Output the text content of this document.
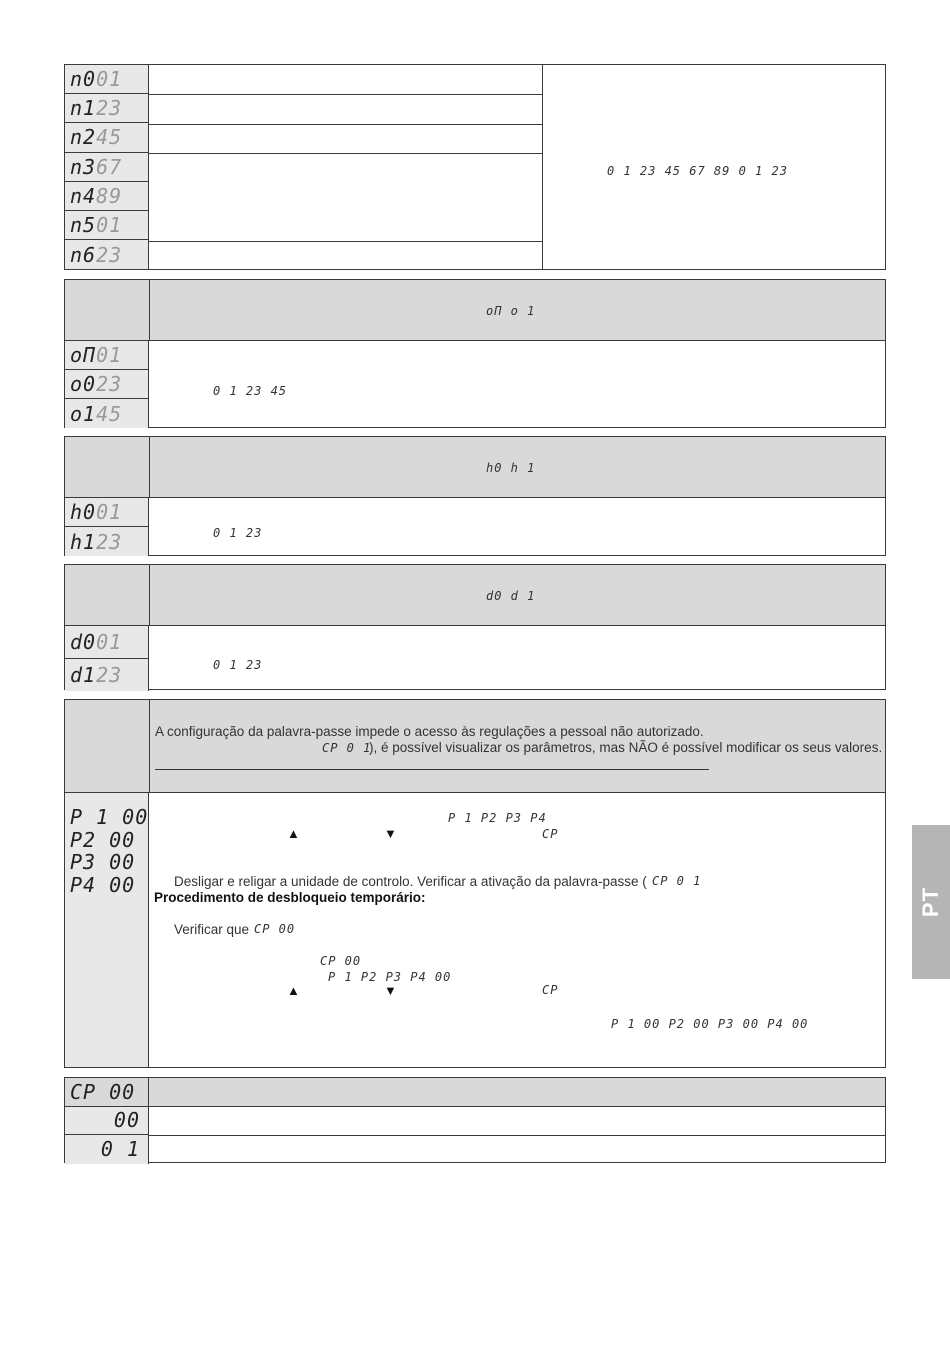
n001
n123
n245
n367
n489
n501
n623
0 1 23 45 67 89 0 1 23
oΠ o 1
oΠ01
o023
o145
0 1 23 45
h0 h 1
h001
h123	0 1 23
d0 d 1
d001
d123	0 1 23
A configuração da palavra-passe impede o acesso às regulações a pessoal não autorizado.
CP 0 1
), é possível visualizar os parâmetros, mas NÃO é possível modificar os seus valores.
P 1 00
P2 00
P3 00
P4 00
P 1 P2 P3 P4
▲	▼	CP
Desligar e religar a unidade de controlo. Verificar a ativação da palavra-passe ( CP 0 1
Procedimento de desbloqueio temporário:
Verificar que CP 00
CP 00
P 1 P2 P3 P4 00
▲	▼	CP
P 1 00 P2 00 P3 00 P4 00
CP 00
00
0 1
PT
